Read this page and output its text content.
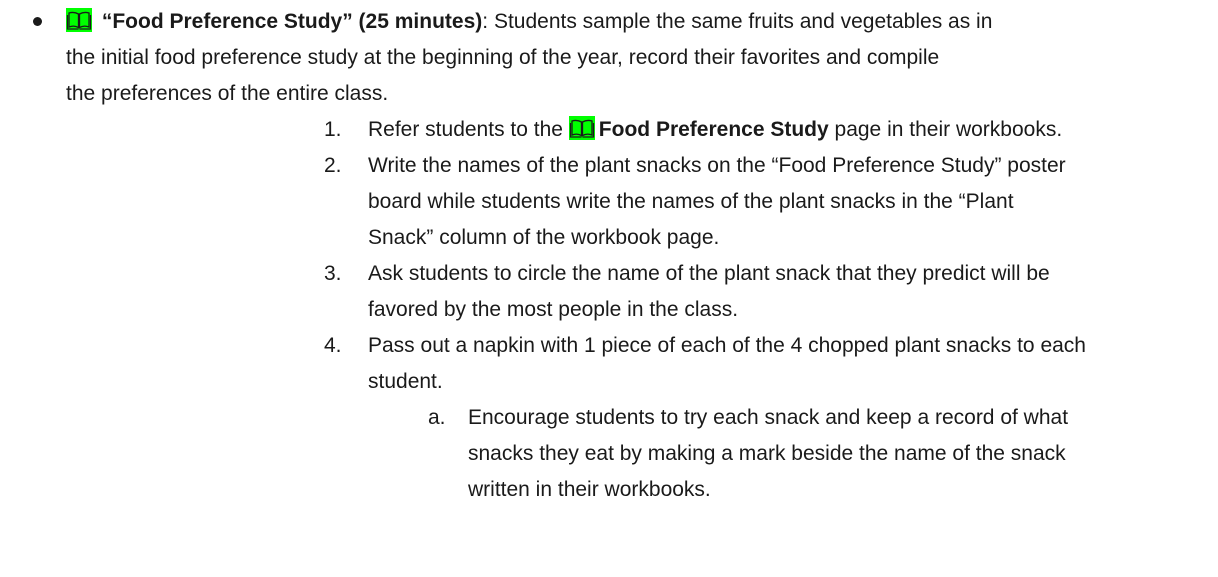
“Food Preference Study” (25 minutes): Students sample the same fruits and vegetables as in
the initial food preference study at the beginning of the year, record their favorites and compile
the preferences of the entire class.
1. Refer students to the
Food Preference Study page in their workbooks.
2. Write the names of the plant snacks on the “Food Preference Study” poster
board while students write the names of the plant snacks in the “Plant
Snack” column of the workbook page.
3. Ask students to circle the name of the plant snack that they predict will be
favored by the most people in the class.
4. Pass out a napkin with 1 piece of each of the 4 chopped plant snacks to each
student.
a. Encourage students to try each snack and keep a record of what
snacks they eat by making a mark beside the name of the snack
written in their workbooks.
